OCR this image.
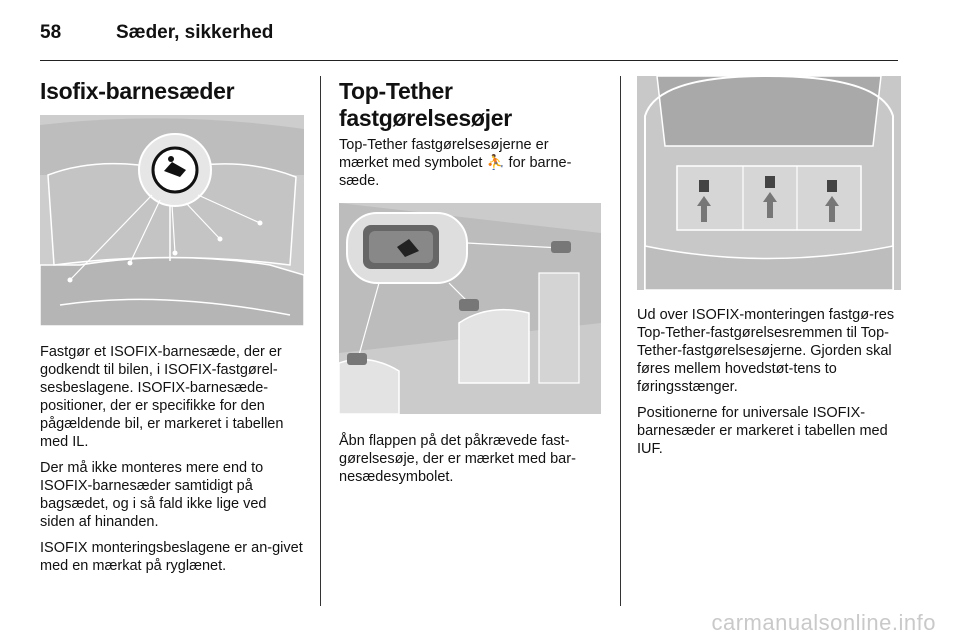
58	Sæder, sikkerhed
Isofix-barnesæder

Fastgør et ISOFIX-barnesæde, der er godkendt til bilen, i ISOFIX-fastgørel-sesbeslagene. ISOFIX-barnesæde-positioner, der er specifikke for den pågældende bil, er markeret i tabellen med IL.

Der må ikke monteres mere end to ISOFIX-barnesæder samtidigt på bagsædet, og i så fald ikke lige ved siden af hinanden.

ISOFIX monteringsbeslagene er an-givet med en mærkat på ryglænet.

Top-Tether fastgørelsesøjer

Top-Tether fastgørelsesøjerne er mærket med symbolet ⛹ for barne-sæde.

Åbn flappen på det påkrævede fast-gørelsesøje, der er mærket med bar-nesædesymbolet.

Ud over ISOFIX-monteringen fastgø-res Top-Tether-fastgørelsesremmen til Top-Tether-fastgørelsesøjerne. Gjorden skal føres mellem hovedstøt-tens to føringsstænger.

Positionerne for universale ISOFIX-barnesæder er markeret i tabellen med IUF.

carmanualsonline.info
